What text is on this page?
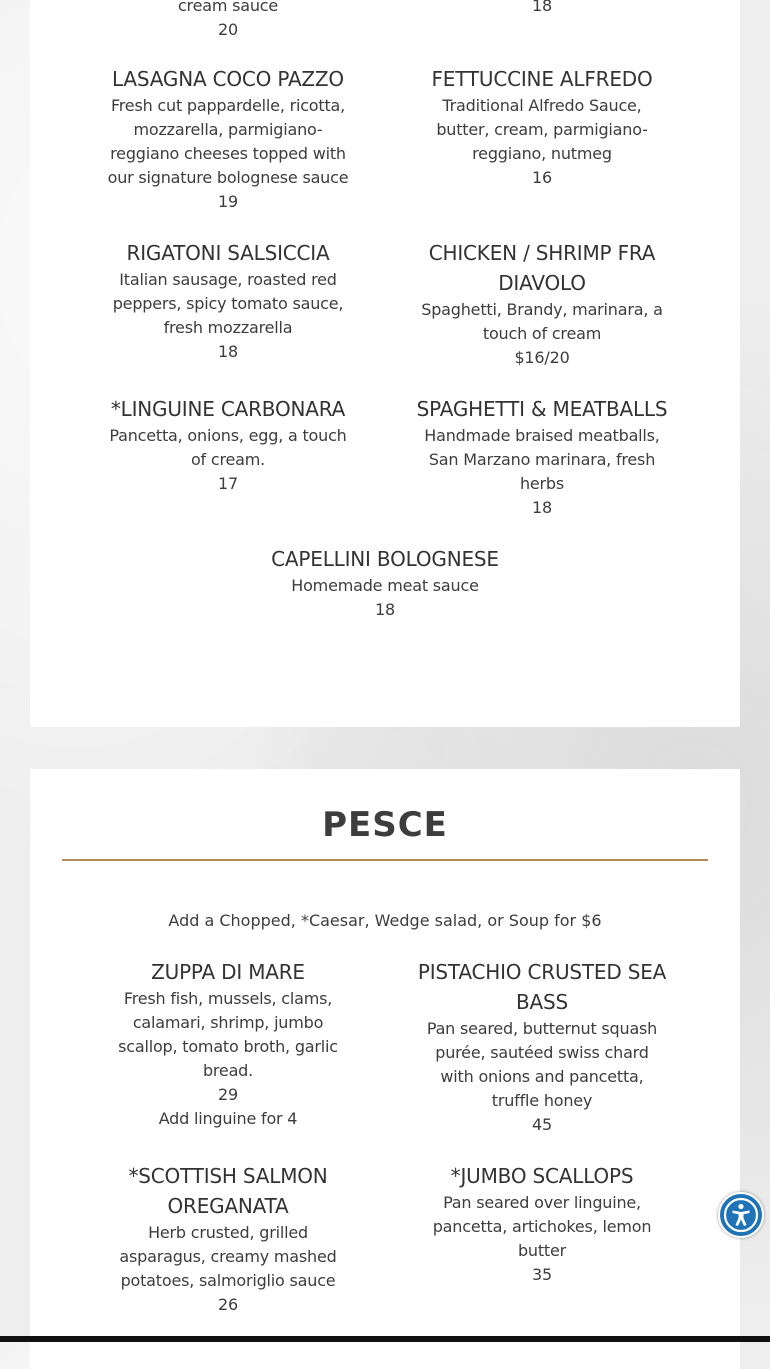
cream sauce
20
18
LASAGNA COCO PAZZO
Fresh cut pappardelle, ricotta, mozzarella, parmigiano-reggiano cheeses topped with our signature bolognese sauce
19
FETTUCCINE ALFREDO
Traditional Alfredo Sauce, butter, cream, parmigiano-reggiano, nutmeg
16
RIGATONI SALSICCIA
Italian sausage, roasted red peppers, spicy tomato sauce, fresh mozzarella
18
CHICKEN / SHRIMP FRA DIAVOLO
Spaghetti, Brandy, marinara, a touch of cream
$16/20
*LINGUINE CARBONARA
Pancetta, onions, egg, a touch of cream.
17
SPAGHETTI & MEATBALLS
Handmade braised meatballs, San Marzano marinara, fresh herbs
18
CAPELLINI BOLOGNESE
Homemade meat sauce
18
PESCE
Add a Chopped, *Caesar, Wedge salad, or Soup for $6
ZUPPA DI MARE
Fresh fish, mussels, clams, calamari, shrimp, jumbo scallop, tomato broth, garlic bread.
29
Add linguine for 4
PISTACHIO CRUSTED SEA BASS
Pan seared, butternut squash purée, sautéed swiss chard with onions and pancetta, truffle honey
45
*SCOTTISH SALMON OREGANATA
Herb crusted, grilled asparagus, creamy mashed potatoes, salmoriglio sauce
26
*JUMBO SCALLOPS
Pan seared over linguine, pancetta, artichokes, lemon butter
35
